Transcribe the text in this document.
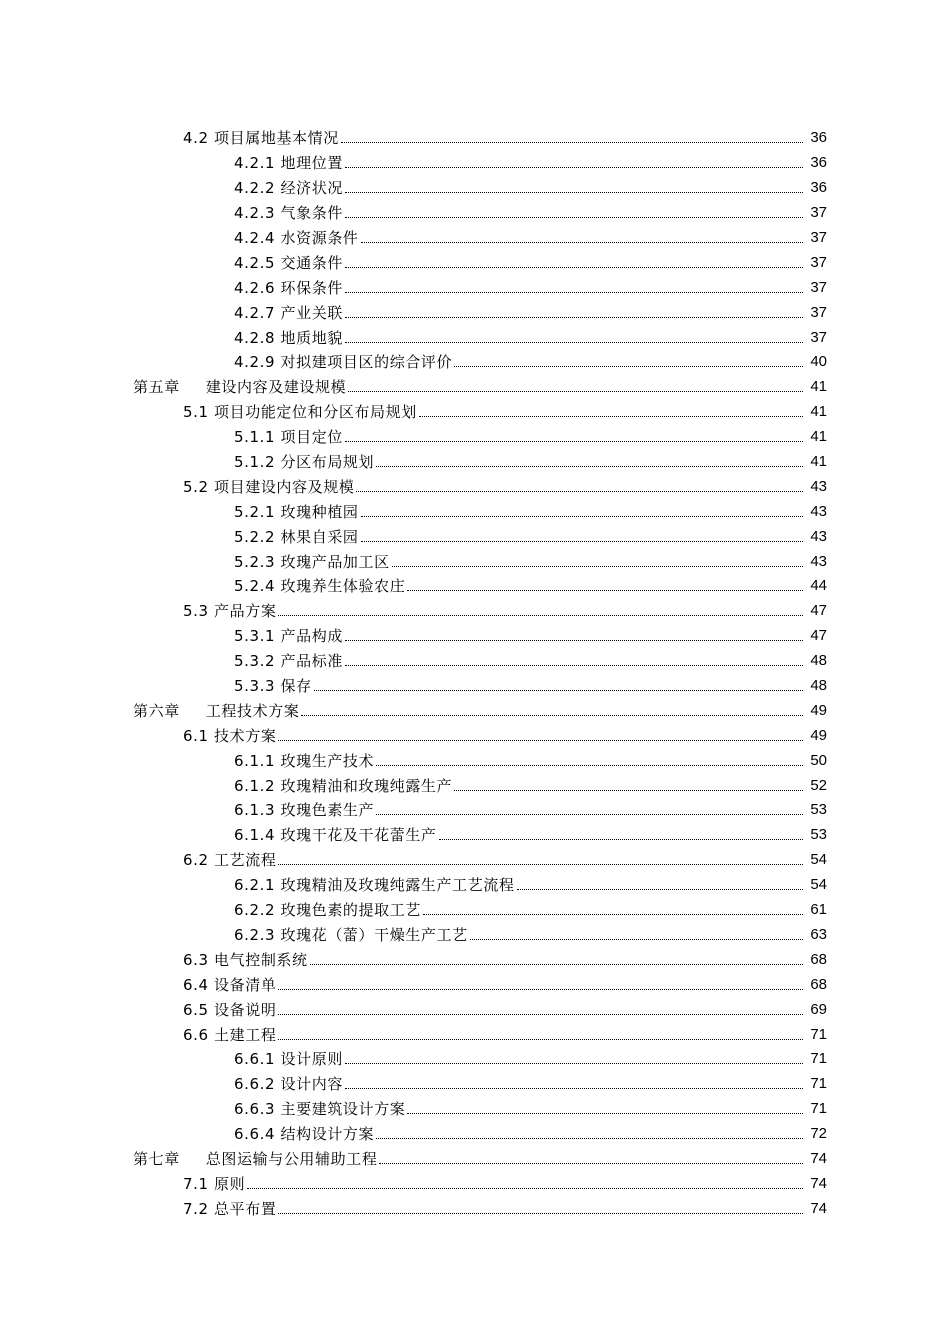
4.2 项目属地基本情况	36
4.2.1 地理位置	36
4.2.2 经济状况	36
4.2.3 气象条件	37
4.2.4 水资源条件	37
4.2.5 交通条件	37
4.2.6 环保条件	37
4.2.7 产业关联	37
4.2.8 地质地貌	37
4.2.9 对拟建项目区的综合评价	40
第五章 建设内容及建设规模	41
5.1 项目功能定位和分区布局规划	41
5.1.1 项目定位	41
5.1.2 分区布局规划	41
5.2 项目建设内容及规模	43
5.2.1 玫瑰种植园	43
5.2.2 林果自采园	43
5.2.3 玫瑰产品加工区	43
5.2.4 玫瑰养生体验农庄	44
5.3 产品方案	47
5.3.1 产品构成	47
5.3.2 产品标准	48
5.3.3 保存	48
第六章 工程技术方案	49
6.1 技术方案	49
6.1.1 玫瑰生产技术	50
6.1.2 玫瑰精油和玫瑰纯露生产	52
6.1.3 玫瑰色素生产	53
6.1.4 玫瑰干花及干花蕾生产	53
6.2 工艺流程	54
6.2.1 玫瑰精油及玫瑰纯露生产工艺流程	54
6.2.2 玫瑰色素的提取工艺	61
6.2.3 玫瑰花（蕾）干燥生产工艺	63
6.3 电气控制系统	68
6.4 设备清单	68
6.5 设备说明	69
6.6 土建工程	71
6.6.1 设计原则	71
6.6.2 设计内容	71
6.6.3 主要建筑设计方案	71
6.6.4 结构设计方案	72
第七章 总图运输与公用辅助工程	74
7.1 原则	74
7.2 总平布置	74
